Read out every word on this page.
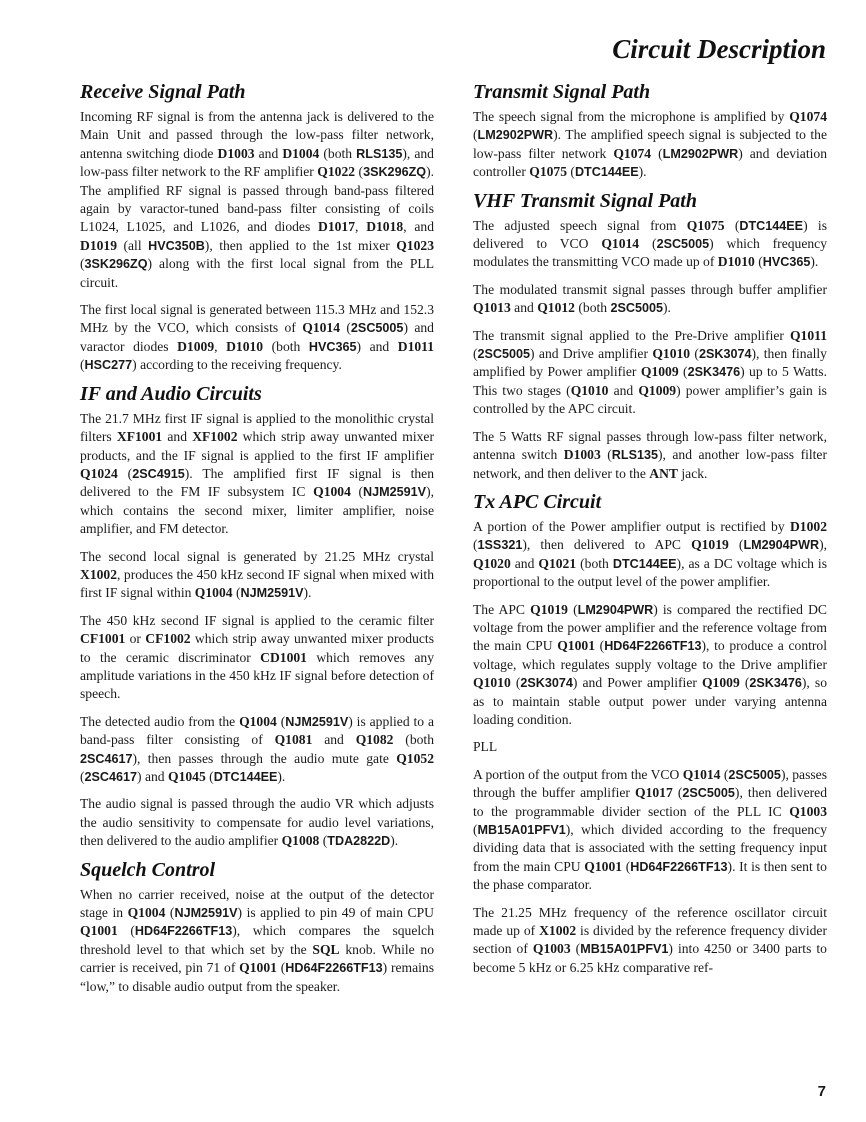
Circuit Description
Receive Signal Path

Incoming RF signal is from the antenna jack is delivered to the Main Unit and passed through the low-pass filter network, antenna switching diode D1003 and D1004 (both RLS135), and low-pass filter network to the RF amplifier Q1022 (3SK296ZQ). The amplified RF signal is passed through band-pass filtered again by varactor-tuned band-pass filter consisting of coils L1024, L1025, and L1026, and diodes D1017, D1018, and D1019 (all HVC350B), then applied to the 1st mixer Q1023 (3SK296ZQ) along with the first local signal from the PLL circuit.

The first local signal is generated between 115.3 MHz and 152.3 MHz by the VCO, which consists of Q1014 (2SC5005) and varactor diodes D1009, D1010 (both HVC365) and D1011 (HSC277) according to the receiving frequency.

IF and Audio Circuits

The 21.7 MHz first IF signal is applied to the monolithic crystal filters XF1001 and XF1002 which strip away unwanted mixer products, and the IF signal is applied to the first IF amplifier Q1024 (2SC4915). The amplified first IF signal is then delivered to the FM IF subsystem IC Q1004 (NJM2591V), which contains the second mixer, limiter amplifier, noise amplifier, and FM detector.

The second local signal is generated by 21.25 MHz crystal X1002, produces the 450 kHz second IF signal when mixed with first IF signal within Q1004 (NJM2591V).

The 450 kHz second IF signal is applied to the ceramic filter CF1001 or CF1002 which strip away unwanted mixer products to the ceramic discriminator CD1001 which removes any amplitude variations in the 450 kHz IF signal before detection of speech.

The detected audio from the Q1004 (NJM2591V) is applied to a band-pass filter consisting of Q1081 and Q1082 (both 2SC4617), then passes through the audio mute gate Q1052 (2SC4617) and Q1045 (DTC144EE).

The audio signal is passed through the audio VR which adjusts the audio sensitivity to compensate for audio level variations, then delivered to the audio amplifier Q1008 (TDA2822D).

Squelch Control

When no carrier received, noise at the output of the detector stage in Q1004 (NJM2591V) is applied to pin 49 of main CPU Q1001 (HD64F2266TF13), which compares the squelch threshold level to that which set by the SQL knob. While no carrier is received, pin 71 of Q1001 (HD64F2266TF13) remains “low,” to disable audio output from the speaker.

Transmit Signal Path

The speech signal from the microphone is amplified by Q1074 (LM2902PWR). The amplified speech signal is subjected to the low-pass filter network Q1074 (LM2902PWR) and deviation controller Q1075 (DTC144EE).

VHF Transmit Signal Path

The adjusted speech signal from Q1075 (DTC144EE) is delivered to VCO Q1014 (2SC5005) which frequency modulates the transmitting VCO made up of D1010 (HVC365).

The modulated transmit signal passes through buffer amplifier Q1013 and Q1012 (both 2SC5005).

The transmit signal applied to the Pre-Drive amplifier Q1011 (2SC5005) and Drive amplifier Q1010 (2SK3074), then finally amplified by Power amplifier Q1009 (2SK3476) up to 5 Watts. This two stages (Q1010 and Q1009) power amplifier’s gain is controlled by the APC circuit.

The 5 Watts RF signal passes through low-pass filter network, antenna switch D1003 (RLS135), and another low-pass filter network, and then deliver to the ANT jack.

Tx APC Circuit

A portion of the Power amplifier output is rectified by D1002 (1SS321), then delivered to APC Q1019 (LM2904PWR), Q1020 and Q1021 (both DTC144EE), as a DC voltage which is proportional to the output level of the power amplifier.

The APC Q1019 (LM2904PWR) is compared the rectified DC voltage from the power amplifier and the reference voltage from the main CPU Q1001 (HD64F2266TF13), to produce a control voltage, which regulates supply voltage to the Drive amplifier Q1010 (2SK3074) and Power amplifier Q1009 (2SK3476), so as to maintain stable output power under varying antenna loading condition.

PLL

A portion of the output from the VCO Q1014 (2SC5005), passes through the buffer amplifier Q1017 (2SC5005), then delivered to the programmable divider section of the PLL IC Q1003 (MB15A01PFV1), which divided according to the frequency dividing data that is associated with the setting frequency input from the main CPU Q1001 (HD64F2266TF13). It is then sent to the phase comparator.

The 21.25 MHz frequency of the reference oscillator circuit made up of X1002 is divided by the reference frequency divider section of Q1003 (MB15A01PFV1) into 4250 or 3400 parts to become 5 kHz or 6.25 kHz comparative ref-

7
